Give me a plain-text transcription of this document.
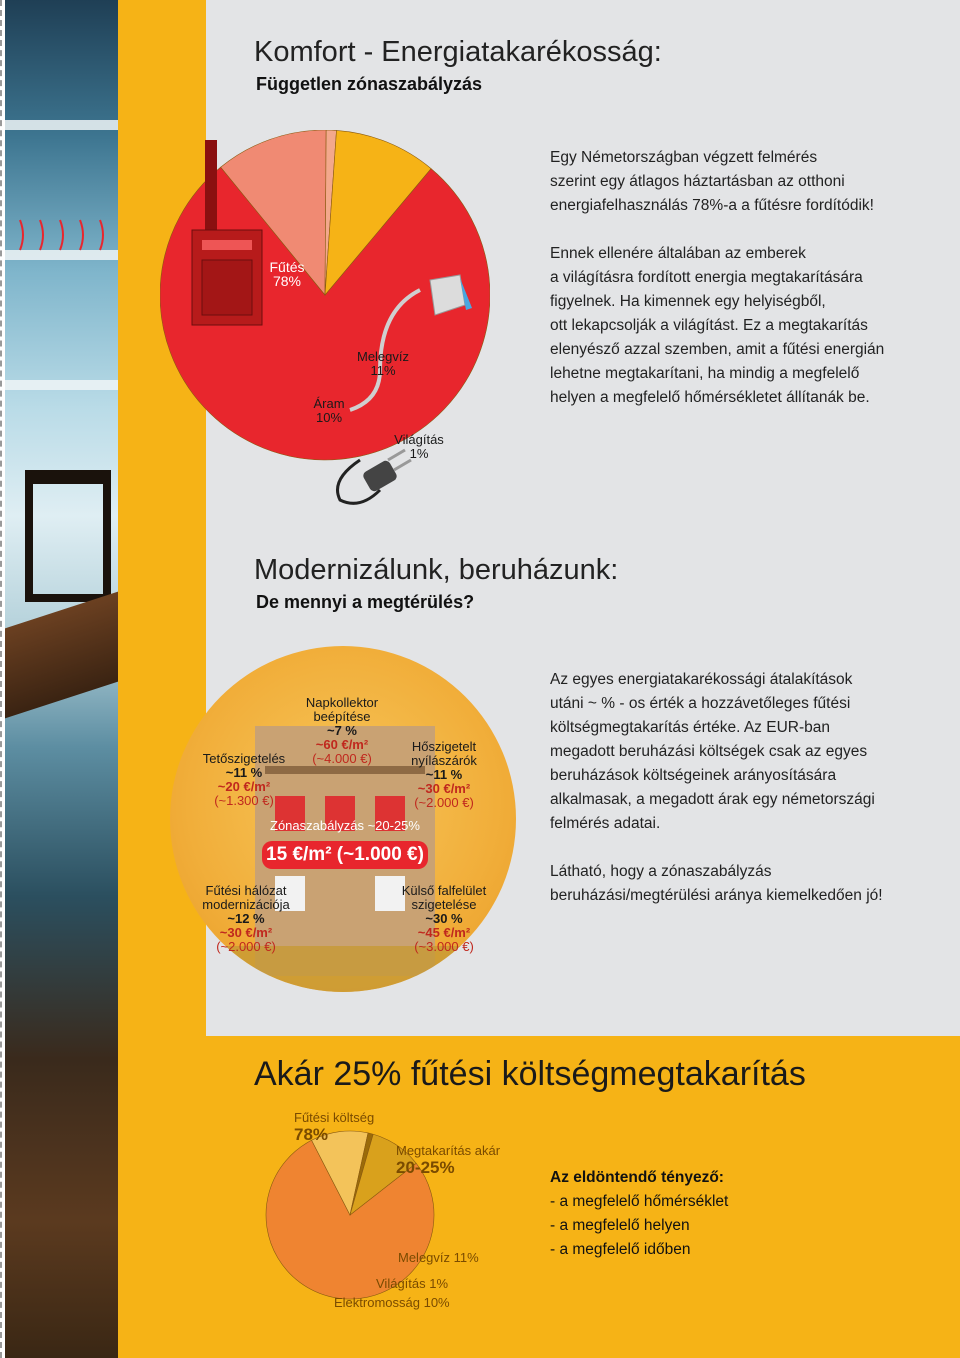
Komfort - Energiatakarékosság:
Független zónaszabályzás

Egy Németországban végzett felmérés

szerint egy átlagos háztartásban az otthoni

energiafelhasználás 78%-a a fűtésre fordítódik!

Ennek ellenére általában az emberek

a világításra fordított energia megtakarítására

figyelnek. Ha kimennek egy helyiségből,

ott lekapcsolják a világítást. Ez a megtakarítás

elenyésző azzal szemben, amit a fűtési energián

lehetne megtakarítani, ha mindig a megfelelő

helyen a megfelelő hőmérsékletet állítanák be.

Fűtés
78%
Melegvíz
11%
Áram
10%
Világítás
1%
Modernizálunk, beruházunk:
De mennyi a megtérülés?
Napkollektor
beépítése
~7 %
~60 €/m²
(~4.000 €)
Tetőszigetelés
~11 %
~20 €/m²
(~1.300 €)
Hőszigetelt
nyílászárók
~11 %
~30 €/m²
(~2.000 €)
Zónaszabályzás ~20-25%
15 €/m² (~1.000 €)
Fűtési hálózat
modernizációja
~12 %
~30 €/m²
(~2.000 €)
Külső falfelület
szigetelése
~30 %
~45 €/m²
(~3.000 €)

Az egyes energiatakarékossági átalakítások

utáni ~ % - os érték a hozzávetőleges fűtési

költségmegtakarítás értéke. Az EUR-ban

megadott beruházási költségek csak az egyes

beruházások költségeinek arányosítására

alkalmasak, a megadott árak egy németországi

felmérés adatai.

Látható, hogy a zónaszabályzás

beruházási/megtérülési aránya kiemelkedően jó!

Akár 25% fűtési költségmegtakarítás
Fűtési költség
78%
Megtakarítás akár
20-25%
Melegvíz 11%
Világítás 1%
Elektromosság 10%
Az eldöntendő tényező:
- a megfelelő hőmérséklet
- a megfelelő helyen
- a megfelelő időben
